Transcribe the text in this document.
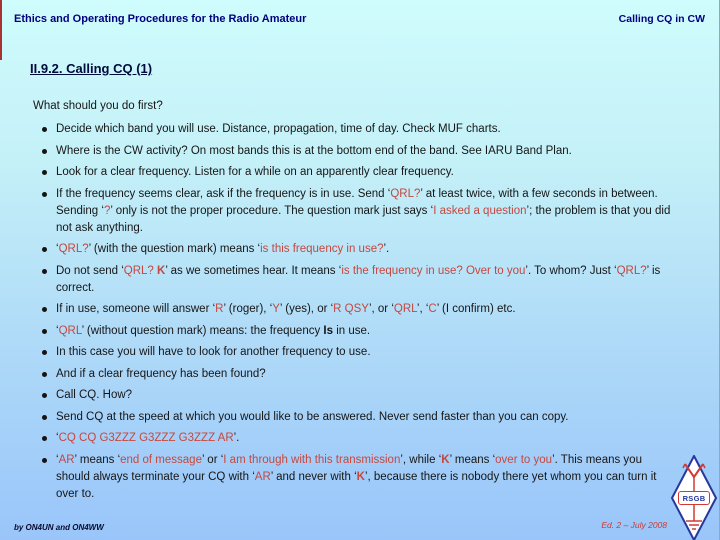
Ethics and Operating Procedures for the Radio Amateur	Calling CQ in CW
II.9.2. Calling CQ (1)
What should you do first?
Decide which band you will use. Distance, propagation, time of day. Check MUF charts.
Where is the CW activity? On most bands this is at the bottom end of the band. See IARU Band Plan.
Look for a clear frequency. Listen for a while on an apparently clear frequency.
If the frequency seems clear, ask if the frequency is in use. Send ‘QRL?’ at least twice, with a few seconds in between. Sending ‘?’ only is not the proper procedure. The question mark just says ‘I asked a question’; the problem is that you did not ask anything.
‘QRL?’ (with the question mark) means ‘is this frequency in use?’.
Do not send ‘QRL? K’ as we sometimes hear. It means ‘is the frequency in use? Over to you’. To whom? Just ‘QRL?’ is correct.
If in use, someone will answer ‘R’ (roger), ‘Y’ (yes), or ‘R QSY’, or ‘QRL’, ‘C’ (I confirm) etc.
‘QRL’ (without question mark) means: the frequency Is in use.
In this case you will have to look for another frequency to use.
And if a clear frequency has been found?
Call CQ. How?
Send CQ at the speed at which you would like to be answered. Never send faster than you can copy.
‘CQ CQ G3ZZZ G3ZZZ G3ZZZ AR’.
‘AR’ means ‘end of message’ or ‘I am through with this transmission’, while ‘K’ means ‘over to you’. This means you should always terminate your CQ with ‘AR’ and never with ‘K’, because there is nobody there yet whom you can turn it over to.
by ON4UN and ON4WW	Ed. 2 – July 2008
RSGB
